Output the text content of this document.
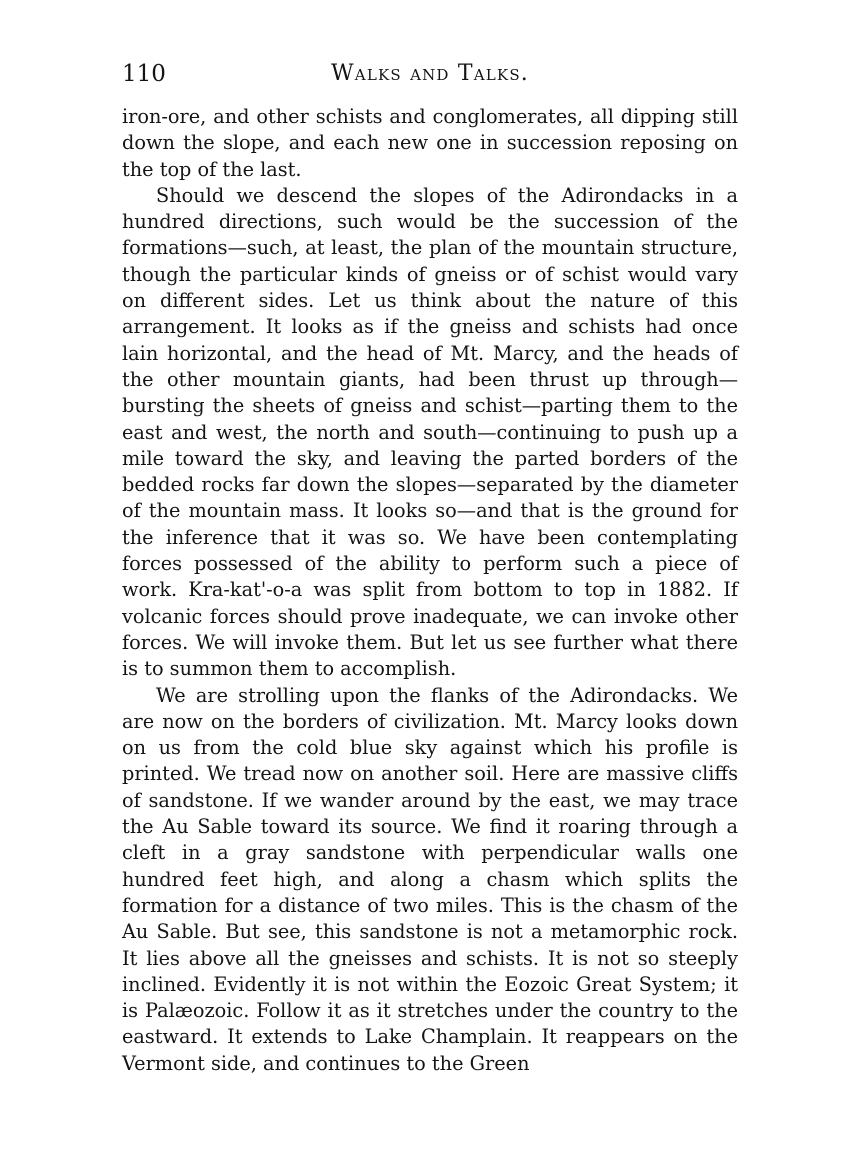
110	Walks and Talks.

iron-ore, and other schists and conglomerates, all dipping still down the slope, and each new one in succession reposing on the top of the last.

Should we descend the slopes of the Adirondacks in a hundred directions, such would be the succession of the formations—such, at least, the plan of the mountain structure, though the particular kinds of gneiss or of schist would vary on different sides. Let us think about the nature of this arrangement. It looks as if the gneiss and schists had once lain horizontal, and the head of Mt. Marcy, and the heads of the other mountain giants, had been thrust up through—bursting the sheets of gneiss and schist—parting them to the east and west, the north and south—continuing to push up a mile toward the sky, and leaving the parted borders of the bedded rocks far down the slopes—separated by the diameter of the mountain mass. It looks so—and that is the ground for the inference that it was so. We have been contemplating forces possessed of the ability to perform such a piece of work. Kra-kat'-o-a was split from bottom to top in 1882. If volcanic forces should prove inadequate, we can invoke other forces. We will invoke them. But let us see further what there is to summon them to accomplish.

We are strolling upon the flanks of the Adirondacks. We are now on the borders of civilization. Mt. Marcy looks down on us from the cold blue sky against which his profile is printed. We tread now on another soil. Here are massive cliffs of sandstone. If we wander around by the east, we may trace the Au Sable toward its source. We find it roaring through a cleft in a gray sandstone with perpendicular walls one hundred feet high, and along a chasm which splits the formation for a distance of two miles. This is the chasm of the Au Sable. But see, this sandstone is not a metamorphic rock. It lies above all the gneisses and schists. It is not so steeply inclined. Evidently it is not within the Eozoic Great System; it is Palæozoic. Follow it as it stretches under the country to the eastward. It extends to Lake Champlain. It reappears on the Vermont side, and continues to the Green
